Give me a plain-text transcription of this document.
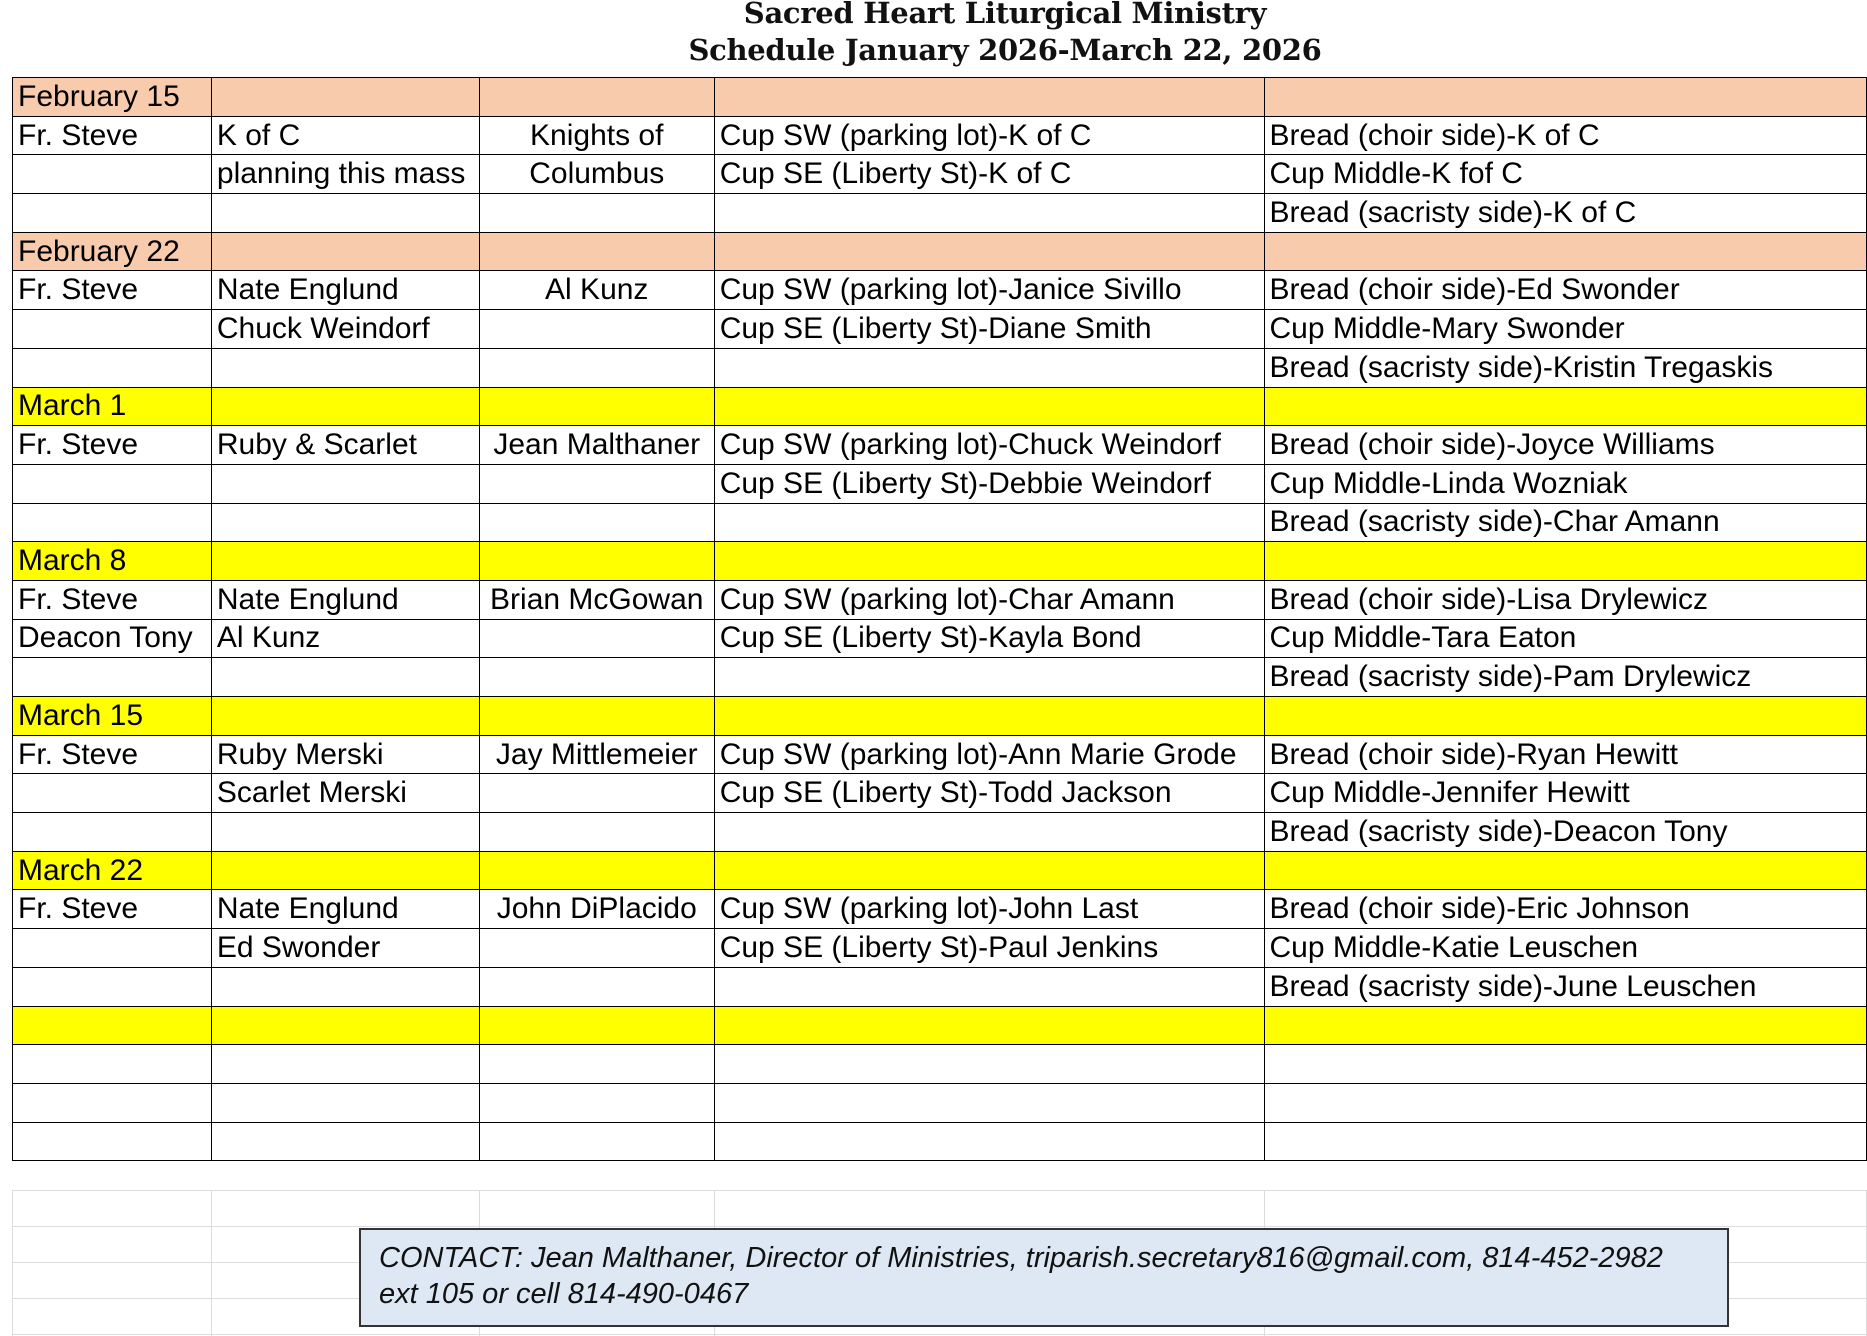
Sacred Heart Liturgical Ministry
Schedule January 2026-March 22, 2026
February 15				
Fr. Steve	K of C	Knights of	Cup SW (parking lot)-K of C	Bread (choir side)-K of C
	planning this mass	Columbus	Cup SE (Liberty St)-K of C	Cup Middle-K fof C
				Bread (sacristy side)-K of C
February 22				
Fr. Steve	Nate Englund	Al Kunz	Cup SW (parking lot)-Janice Sivillo	Bread (choir side)-Ed Swonder
	Chuck Weindorf		Cup SE (Liberty St)-Diane Smith	Cup Middle-Mary Swonder
				Bread (sacristy side)-Kristin Tregaskis
March 1				
Fr. Steve	Ruby & Scarlet	Jean Malthaner	Cup SW (parking lot)-Chuck Weindorf	Bread (choir side)-Joyce Williams
			Cup SE (Liberty St)-Debbie Weindorf	Cup Middle-Linda Wozniak
				Bread (sacristy side)-Char Amann
March 8				
Fr. Steve	Nate Englund	Brian McGowan	Cup SW (parking lot)-Char Amann	Bread (choir side)-Lisa Drylewicz
Deacon Tony	Al Kunz		Cup SE (Liberty St)-Kayla Bond	Cup Middle-Tara Eaton
				Bread (sacristy side)-Pam Drylewicz
March 15				
Fr. Steve	Ruby Merski	Jay Mittlemeier	Cup SW (parking lot)-Ann Marie Grode	Bread (choir side)-Ryan Hewitt
	Scarlet Merski		Cup SE (Liberty St)-Todd Jackson	Cup Middle-Jennifer Hewitt
				Bread (sacristy side)-Deacon Tony
March 22				
Fr. Steve	Nate Englund	John DiPlacido	Cup SW (parking lot)-John Last	Bread (choir side)-Eric Johnson
	Ed Swonder		Cup SE (Liberty St)-Paul Jenkins	Cup Middle-Katie Leuschen
				Bread (sacristy side)-June Leuschen

CONTACT: Jean Malthaner, Director of Ministries, triparish.secretary816@gmail.com, 814-452-2982 ext 105 or cell 814-490-0467
